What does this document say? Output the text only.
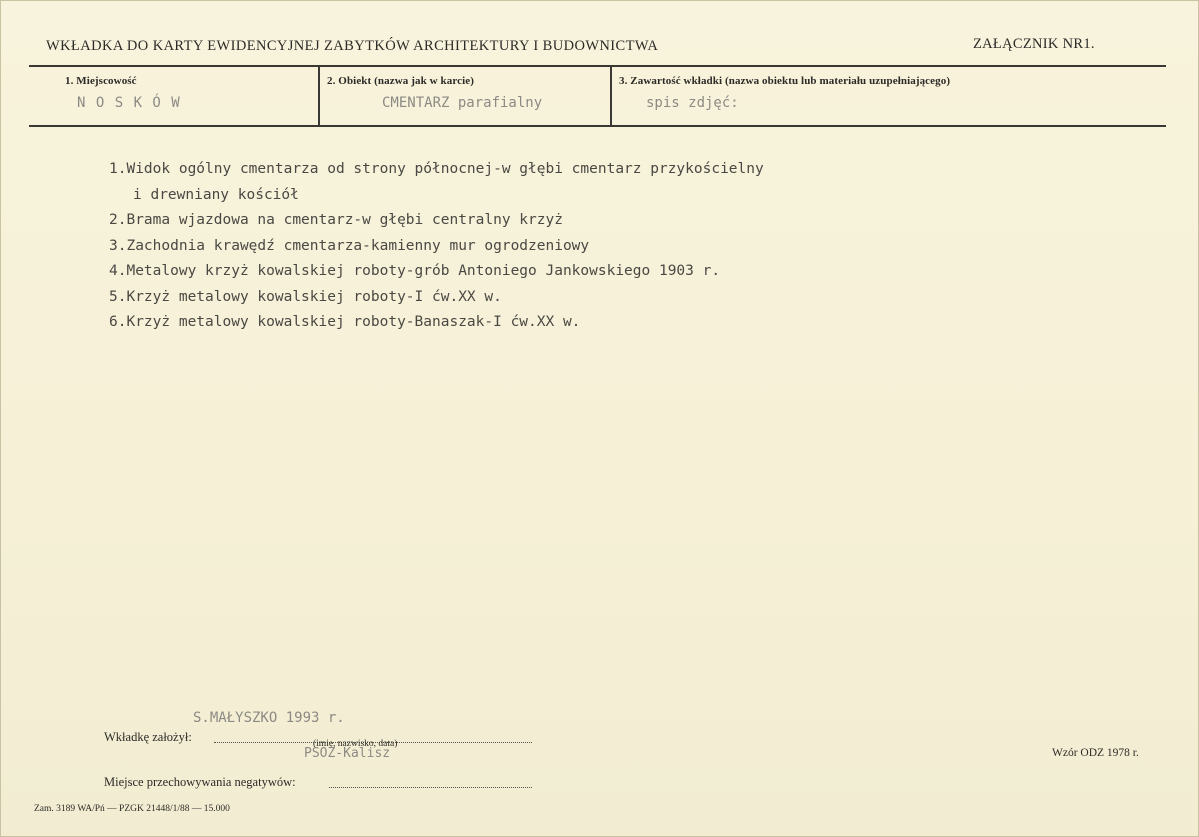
WKŁADKA DO KARTY EWIDENCYJNEJ ZABYTKÓW ARCHITEKTURY I BUDOWNICTWA	ZAŁĄCZNIK NR1.
1. Miejscowość
N O S K Ó W
2. Obiekt (nazwa jak w karcie)
CMENTARZ parafialny
3. Zawartość wkładki (nazwa obiektu lub materiału uzupełniającego)
spis zdjęć:
1.Widok ogólny cmentarza od strony północnej-w głębi cmentarz przykościelny
i drewniany kościół
2.Brama wjazdowa na cmentarz-w głębi centralny krzyż
3.Zachodnia krawędź cmentarza-kamienny mur ogrodzeniowy
4.Metalowy krzyż kowalskiej roboty-grób Antoniego Jankowskiego 1903 r.
5.Krzyż metalowy kowalskiej roboty-I ćw.XX w.
6.Krzyż metalowy kowalskiej roboty-Banaszak-I ćw.XX w.
S.MAŁYSZKO 1993 r.
Wkładkę założył:	(imię, nazwisko, data)
PSOZ-Kalisz
Miejsce przechowywania negatywów:
Wzór ODZ 1978 r.
Zam. 3189 WA/Pń — PZGK 21448/1/88 — 15.000
